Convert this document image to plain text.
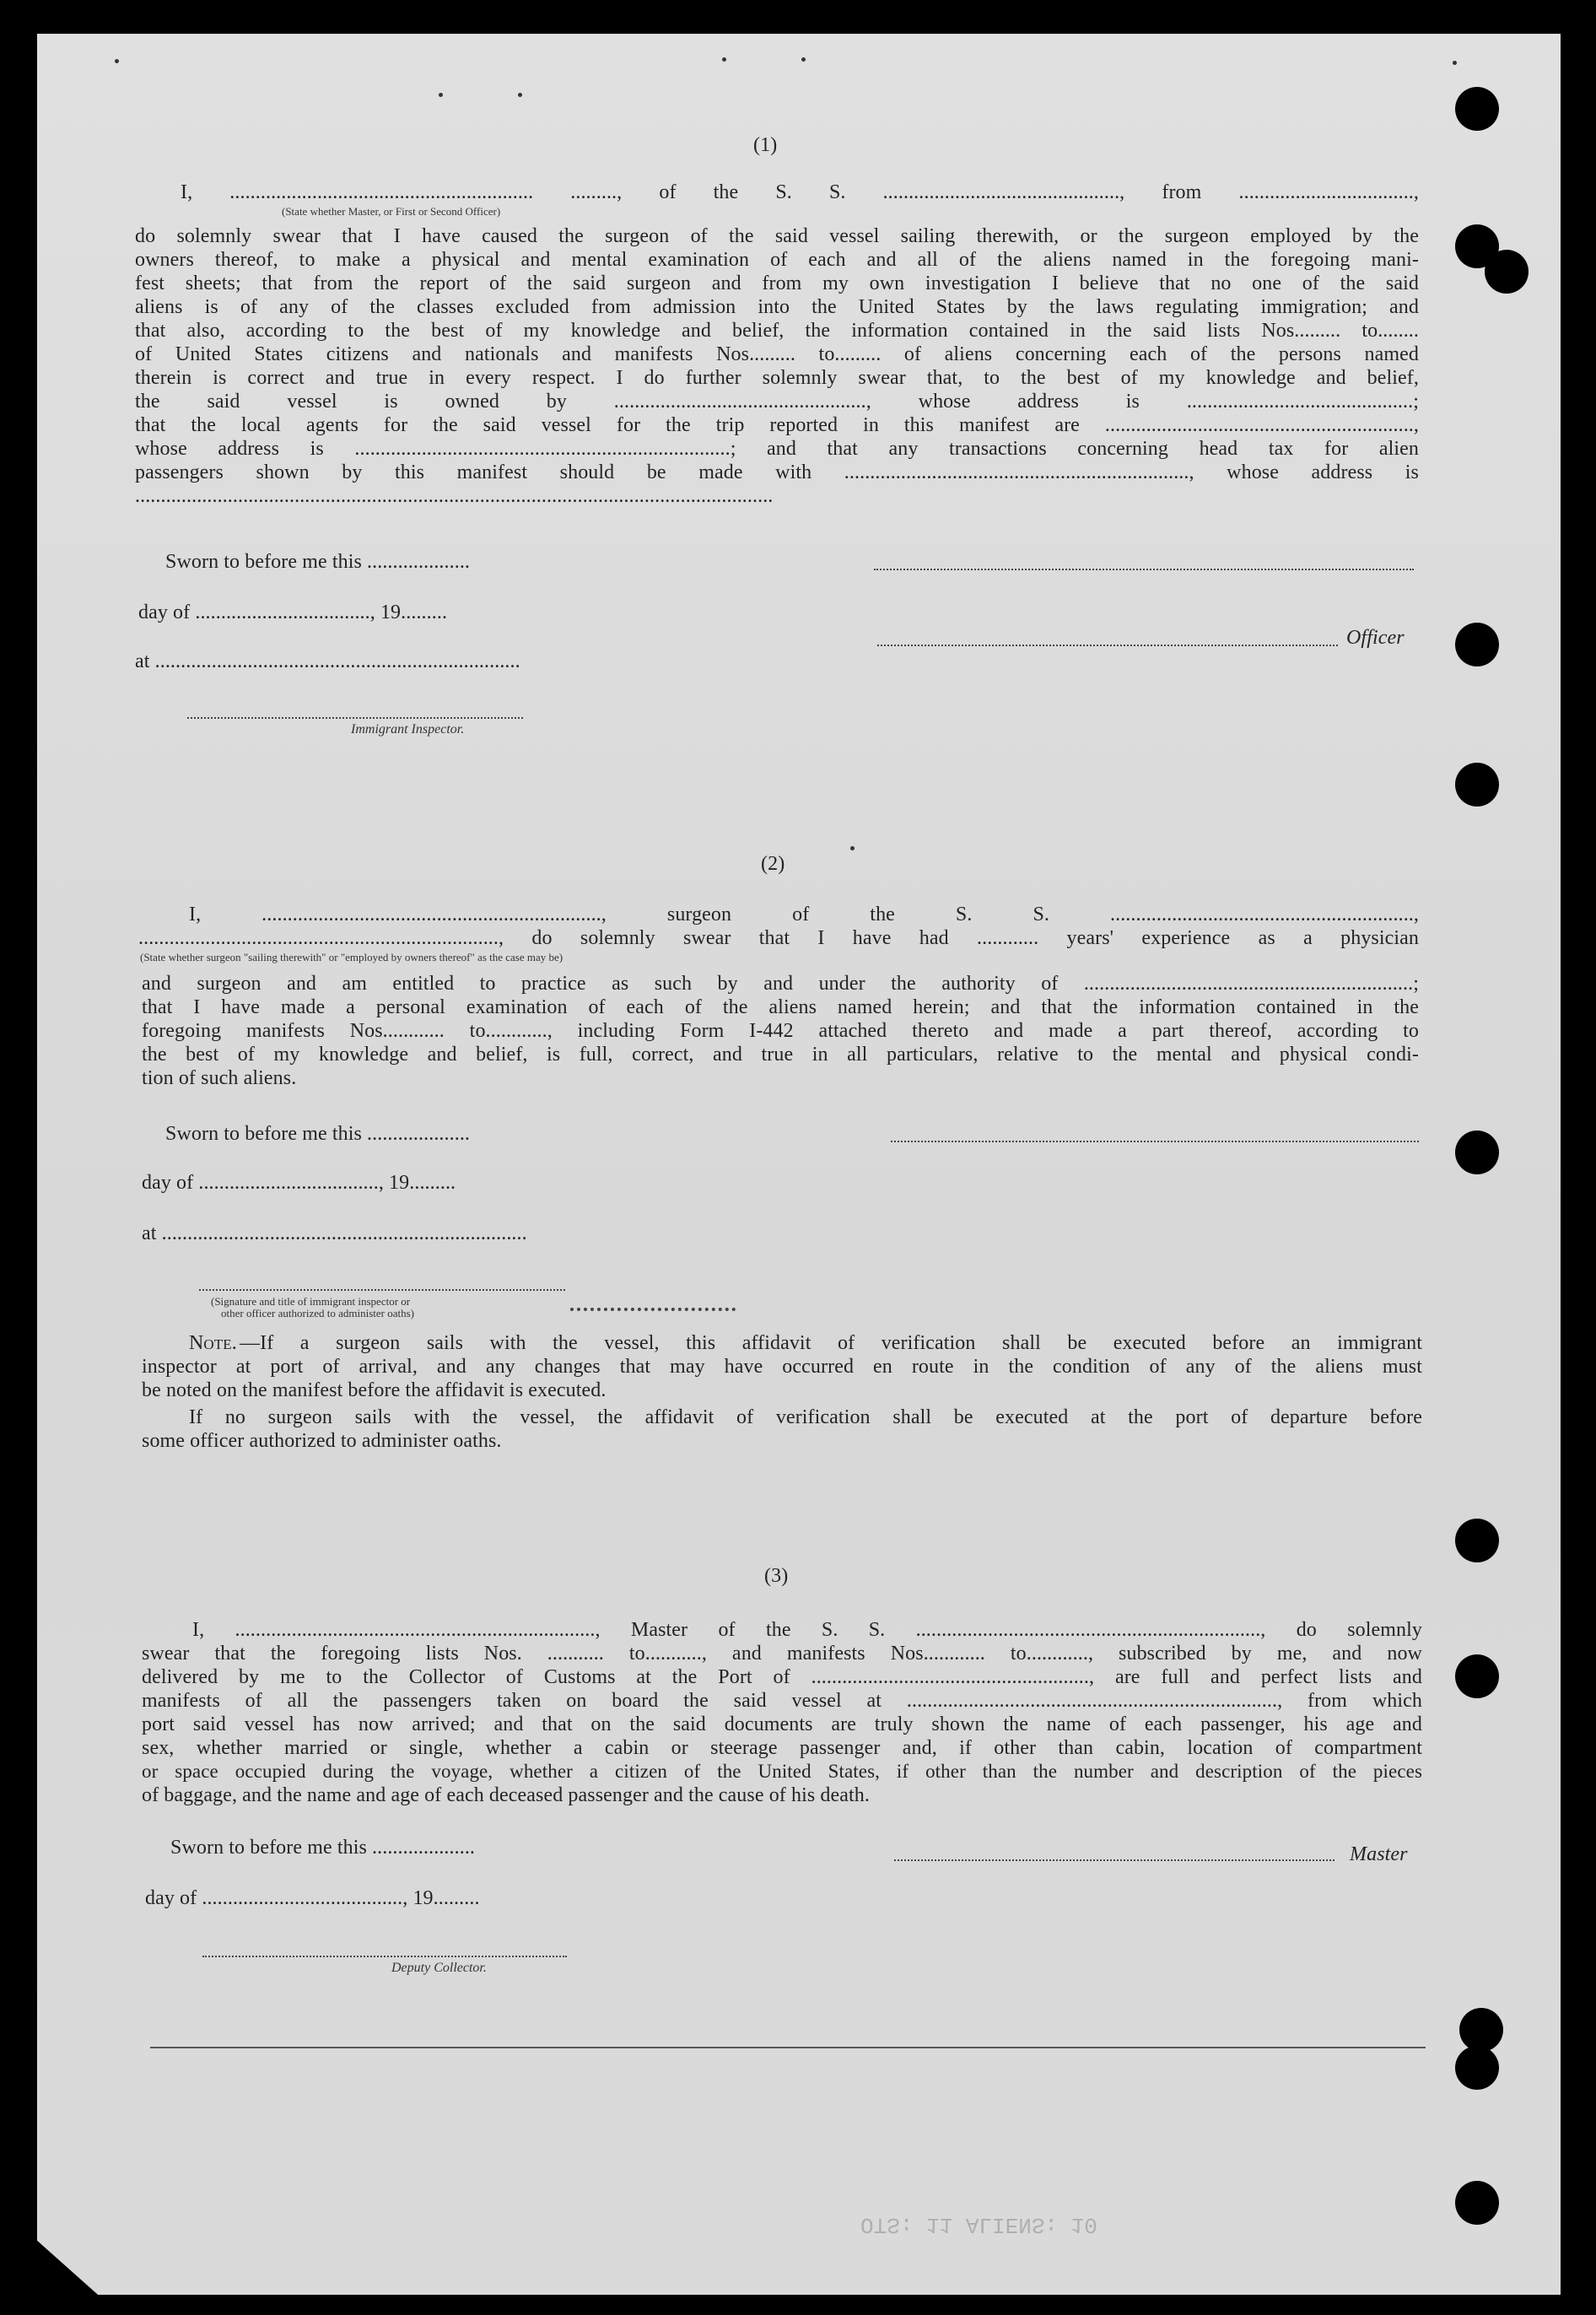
OTS: 11 ALIENS: 10
(1)
I, ........................................................... ........., of the S. S. .............................................., from ..................................,
(State whether Master, or First or Second Officer)
do solemnly swear that I have caused the surgeon of the said vessel sailing therewith, or the surgeon employed by the
owners thereof, to make a physical and mental examination of each and all of the aliens named in the foregoing mani-
fest sheets; that from the report of the said surgeon and from my own investigation I believe that no one of the said
aliens is of any of the classes excluded from admission into the United States by the laws regulating immigration; and
that also, according to the best of my knowledge and belief, the information contained in the said lists Nos......... to........
of United States citizens and nationals and manifests Nos......... to......... of aliens concerning each of the persons named
therein is correct and true in every respect. I do further solemnly swear that, to the best of my knowledge and belief,
the said vessel is owned by ................................................., whose address is ............................................;
that the local agents for the said vessel for the trip reported in this manifest are ............................................................,
whose address is .........................................................................; and that any transactions concerning head tax for alien
passengers shown by this manifest should be made with ..................................................................., whose address is
............................................................................................................................
Sworn to before me this ....................
day of .................................., 19.........
Officer
at .......................................................................
Immigrant Inspector.
(2)
I, .................................................................., surgeon of the S. S. ...........................................................,
......................................................................, do solemnly swear that I have had ............ years' experience as a physician
(State whether surgeon "sailing therewith" or "employed by owners thereof" as the case may be)
and surgeon and am entitled to practice as such by and under the authority of ................................................................;
that I have made a personal examination of each of the aliens named herein; and that the information contained in the
foregoing manifests Nos............ to............, including Form I-442 attached thereto and made a part thereof, according to
the best of my knowledge and belief, is full, correct, and true in all particulars, relative to the mental and physical condi-
tion of such aliens.
Sworn to before me this ....................
day of ..................................., 19.........
at .......................................................................
(Signature and title of immigrant inspector or
other officer authorized to administer oaths)
Note. —If a surgeon sails with the vessel, this affidavit of verification shall be executed before an immigrant
inspector at port of arrival, and any changes that may have occurred en route in the condition of any of the aliens must
be noted on the manifest before the affidavit is executed.
If no surgeon sails with the vessel, the affidavit of verification shall be executed at the port of departure before
some officer authorized to administer oaths.
(3)
I, ......................................................................, Master of the S. S. ..................................................................., do solemnly
swear that the foregoing lists Nos. ........... to..........., and manifests Nos............ to............, subscribed by me, and now
delivered by me to the Collector of Customs at the Port of ......................................................, are full and perfect lists and
manifests of all the passengers taken on board the said vessel at ........................................................................, from which
port said vessel has now arrived; and that on the said documents are truly shown the name of each passenger, his age and
sex, whether married or single, whether a cabin or steerage passenger and, if other than cabin, location of compartment
or space occupied during the voyage, whether a citizen of the United States, if other than the number and description of the pieces
of baggage, and the name and age of each deceased passenger and the cause of his death.
Sworn to before me this ....................	Master
day of ......................................., 19.........
Deputy Collector.
